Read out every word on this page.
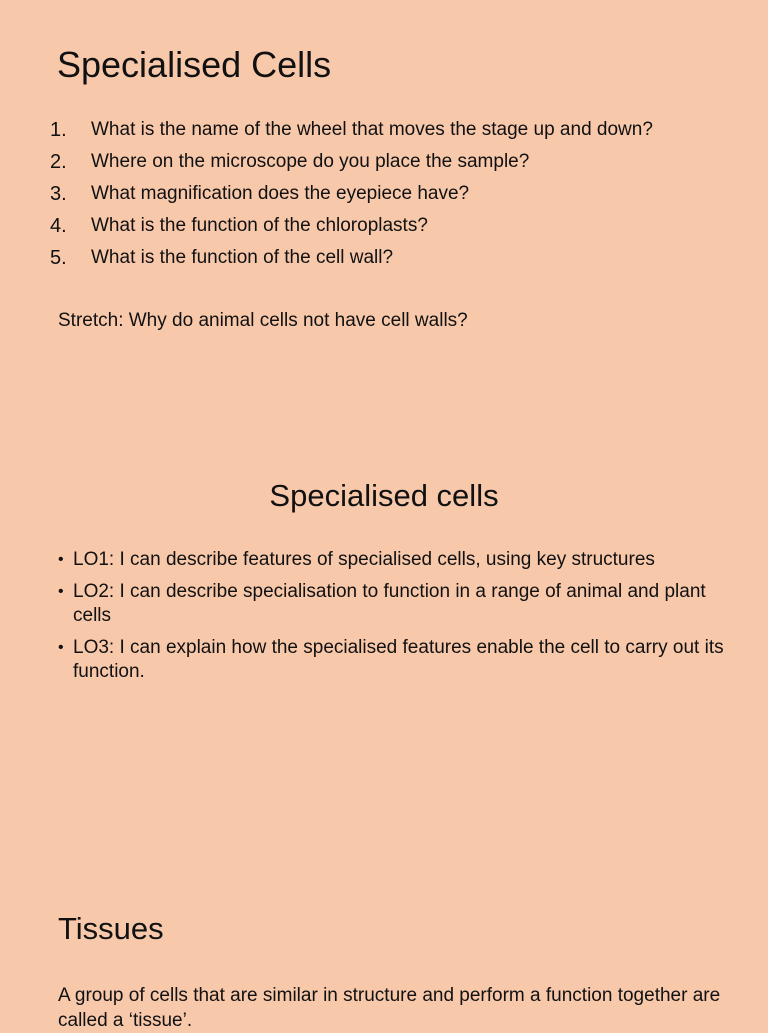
Specialised Cells
1.	What is the name of the wheel that moves the stage up and down?
2.	Where on the microscope do you place the sample?
3.	What magnification does the eyepiece have?
4.	What is the function of the chloroplasts?
5.	What is the function of the cell wall?
Stretch: Why do animal cells not have cell walls?
Specialised cells
• LO1: I can describe features of specialised cells, using key structures
• LO2: I can describe specialisation to function in a range of animal and plant cells
• LO3: I can explain how the specialised features enable the cell to carry out its function.
Tissues
A group of cells that are similar in structure and perform a function together are called a ‘tissue’.
